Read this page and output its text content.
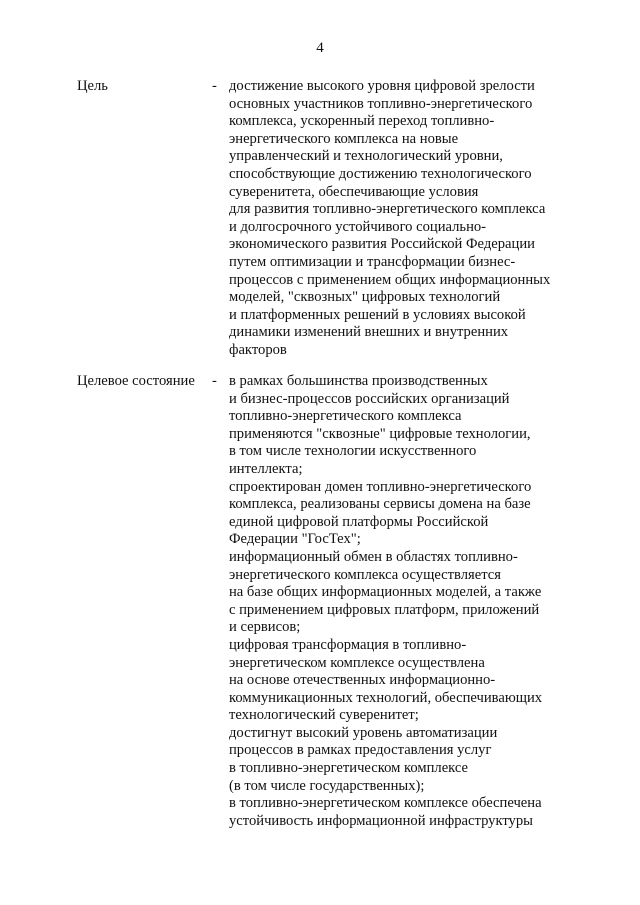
4
Цель	- достижение высокого уровня цифровой зрелости
основных участников топливно-энергетического
комплекса, ускоренный переход топливно-
энергетического комплекса на новые
управленческий и технологический уровни,
способствующие достижению технологического
суверенитета, обеспечивающие условия
для развития топливно-энергетического комплекса
и долгосрочного устойчивого социально-
экономического развития Российской Федерации
путем оптимизации и трансформации бизнес-
процессов с применением общих информационных
моделей, "сквозных" цифровых технологий
и платформенных решений в условиях высокой
динамики изменений внешних и внутренних
факторов
Целевое состояние - в рамках большинства производственных
и бизнес-процессов российских организаций
топливно-энергетического комплекса
применяются "сквозные" цифровые технологии,
в том числе технологии искусственного
интеллекта;
спроектирован домен топливно-энергетического
комплекса, реализованы сервисы домена на базе
единой цифровой платформы Российской
Федерации "ГосТех";
информационный обмен в областях топливно-
энергетического комплекса осуществляется
на базе общих информационных моделей, а также
с применением цифровых платформ, приложений
и сервисов;
цифровая трансформация в топливно-
энергетическом комплексе осуществлена
на основе отечественных информационно-
коммуникационных технологий, обеспечивающих
технологический суверенитет;
достигнут высокий уровень автоматизации
процессов в рамках предоставления услуг
в топливно-энергетическом комплексе
(в том числе государственных);
в топливно-энергетическом комплексе обеспечена
устойчивость информационной инфраструктуры
